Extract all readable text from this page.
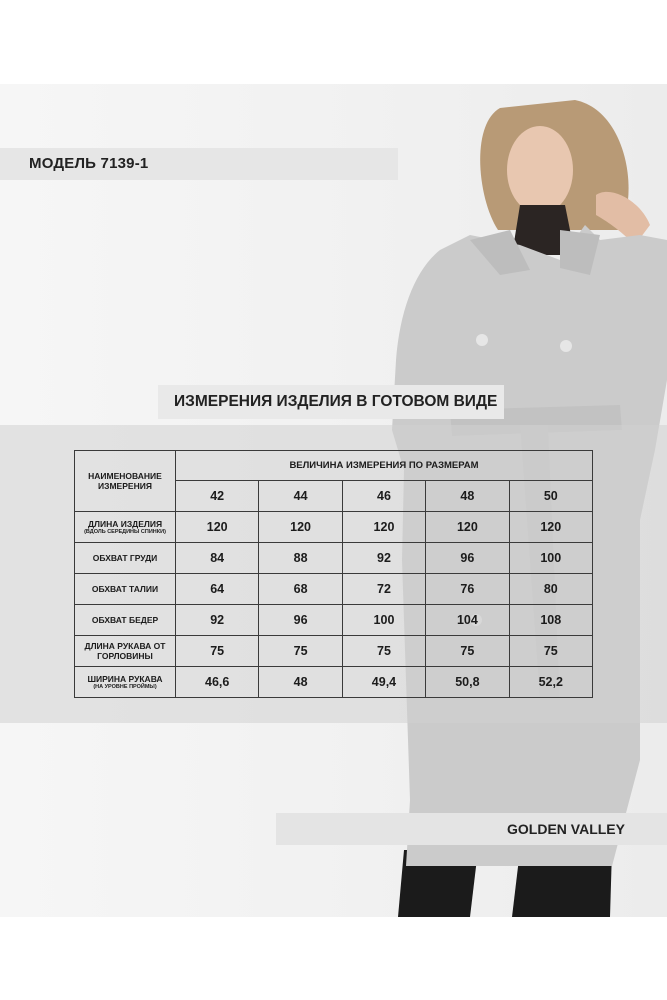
МОДЕЛЬ 7139-1
ИЗМЕРЕНИЯ ИЗДЕЛИЯ В ГОТОВОМ ВИДЕ
НАИМЕНОВАНИЕ ИЗМЕРЕНИЯ	ВЕЛИЧИНА ИЗМЕРЕНИЯ ПО РАЗМЕРАМ				
	42	44	46	48	50
ДЛИНА ИЗДЕЛИЯ
(ВДОЛЬ СЕРЕДИНЫ СПИНКИ)	120	120	120	120	120
ОБХВАТ ГРУДИ	84	88	92	96	100
ОБХВАТ ТАЛИИ	64	68	72	76	80
ОБХВАТ БЕДЕР	92	96	100	104	108
ДЛИНА РУКАВА ОТ ГОРЛОВИНЫ	75	75	75	75	75
ШИРИНА РУКАВА
(НА УРОВНЕ ПРОЙМЫ)	46,6	48	49,4	50,8	52,2
GOLDEN VALLEY
